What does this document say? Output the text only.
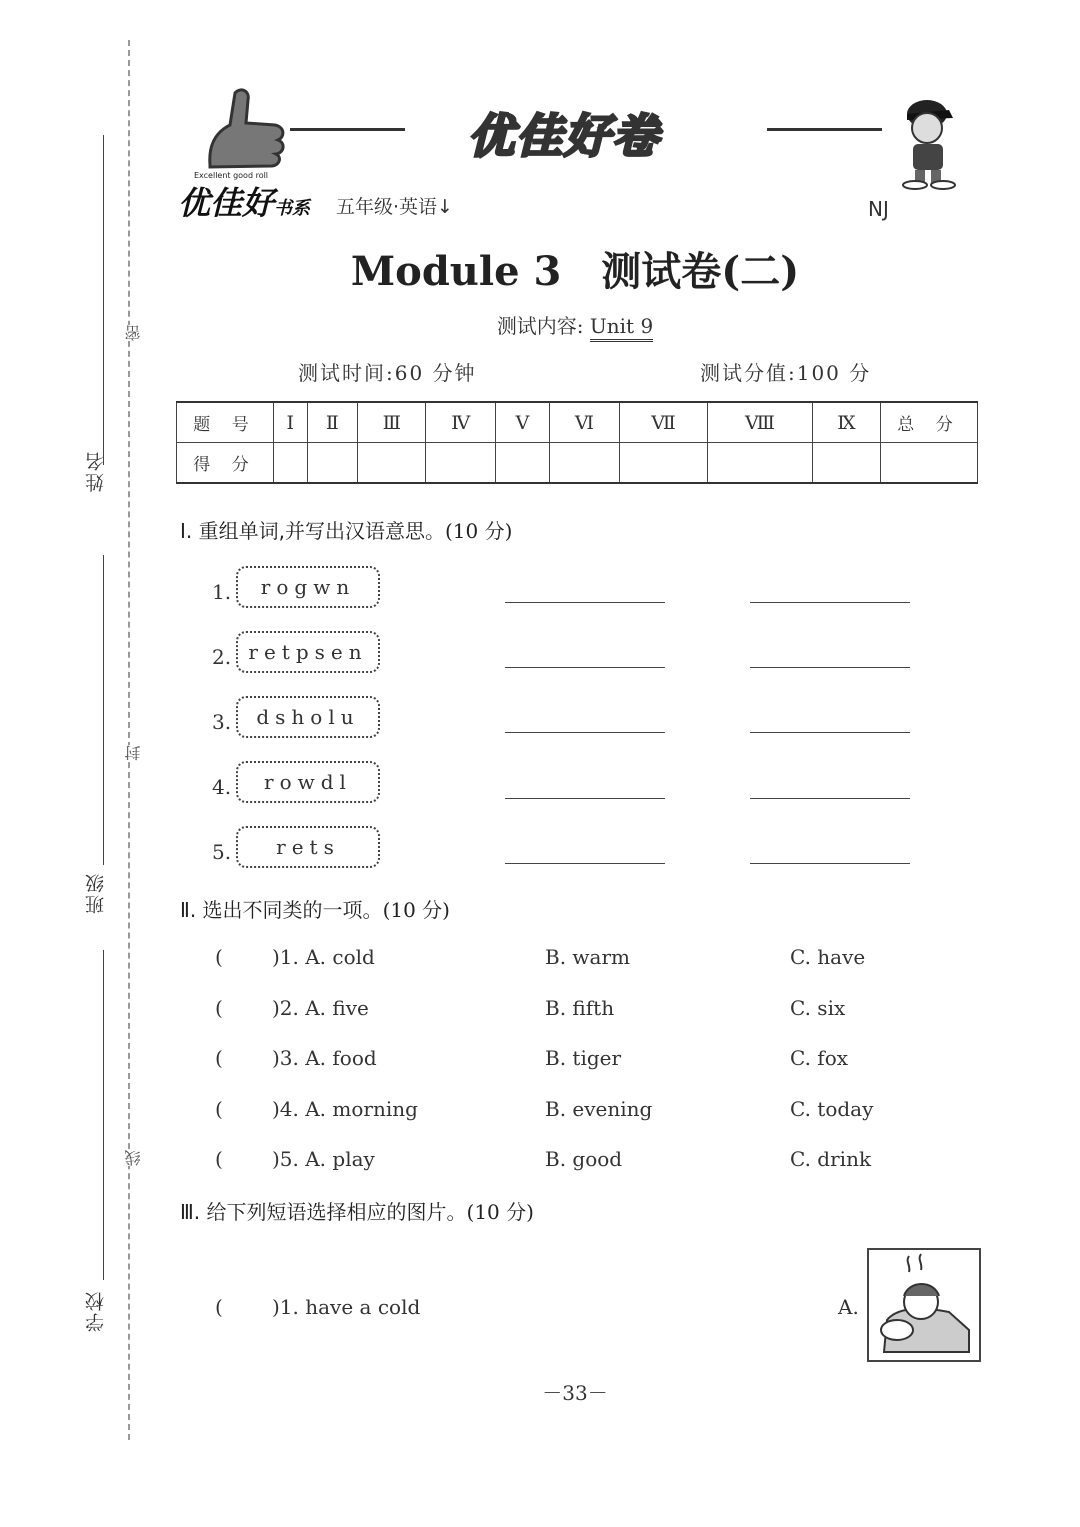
姓名
班级
学校
密
封
线
Excellent good roll
优佳好卷
优佳好书系 五年级·英语↓	NJ
Module 3　测试卷(二)
测试内容: Unit 9
测试时间:60 分钟	测试分值:100 分
题 号	Ⅰ	Ⅱ	Ⅲ	Ⅳ	Ⅴ	Ⅵ	Ⅶ	Ⅷ	Ⅸ	总 分
得 分										
Ⅰ. 重组单词,并写出汉语意思。(10 分)
1.	rogwn
2. retpsen
3.	dsholu
4.	rowdl
5.	rets
Ⅱ. 选出不同类的一项。(10 分)
( )1. A. cold	B. warm	C. have
( )2. A. five	B. fifth	C. six
( )3. A. food	B. tiger	C. fox
( )4. A. morning	B. evening	C. today
( )5. A. play	B. good	C. drink
Ⅲ. 给下列短语选择相应的图片。(10 分)
( )1. have a cold	A.
－33－
